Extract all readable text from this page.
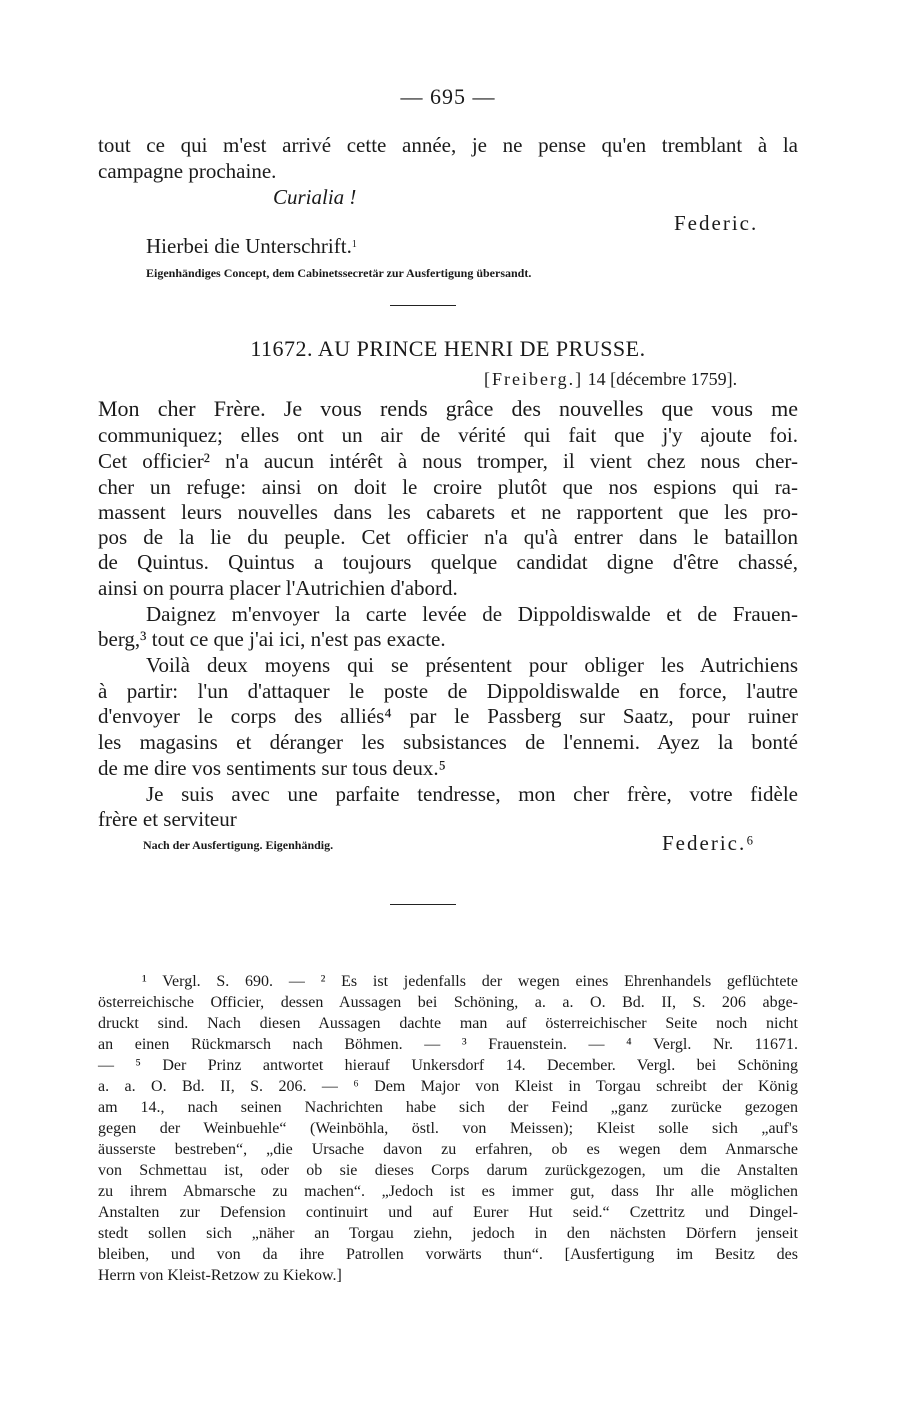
— 695 —
tout ce qui m'est arrivé cette année, je ne pense qu'en tremblant à la
campagne prochaine.
Curialia !
Federic.
Hierbei die Unterschrift.$^1$
Eigenhändiges Concept, dem Cabinetssecretär zur Ausfertigung übersandt.
11672. AU PRINCE HENRI DE PRUSSE.
[Freiberg.] 14 [décembre 1759].
Mon cher Frère. Je vous rends grâce des nouvelles que vous me
communiquez; elles ont un air de vérité qui fait que j'y ajoute foi.
Cet officier² n'a aucun intérêt à nous tromper, il vient chez nous cher-
cher un refuge: ainsi on doit le croire plutôt que nos espions qui ra-
massent leurs nouvelles dans les cabarets et ne rapportent que les pro-
pos de la lie du peuple. Cet officier n'a qu'à entrer dans le bataillon
de Quintus. Quintus a toujours quelque candidat digne d'être chassé,
ainsi on pourra placer l'Autrichien d'abord.
Daignez m'envoyer la carte levée de Dippoldiswalde et de Frauen-
berg,³ tout ce que j'ai ici, n'est pas exacte.
Voilà deux moyens qui se présentent pour obliger les Autrichiens
à partir: l'un d'attaquer le poste de Dippoldiswalde en force, l'autre
d'envoyer le corps des alliés⁴ par le Passberg sur Saatz, pour ruiner
les magasins et déranger les subsistances de l'ennemi. Ayez la bonté
de me dire vos sentiments sur tous deux.⁵
Je suis avec une parfaite tendresse, mon cher frère, votre fidèle
frère et serviteur
Nach der Ausfertigung. Eigenhändig.	Federic.⁶
¹ Vergl. S. 690. — ² Es ist jedenfalls der wegen eines Ehrenhandels geflüchtete
österreichische Officier, dessen Aussagen bei Schöning, a. a. O. Bd. II, S. 206 abge-
druckt sind. Nach diesen Aussagen dachte man auf österreichischer Seite noch nicht
an einen Rückmarsch nach Böhmen. — ³ Frauenstein. — ⁴ Vergl. Nr. 11671.
— ⁵ Der Prinz antwortet hierauf Unkersdorf 14. December. Vergl. bei Schöning
a. a. O. Bd. II, S. 206. — ⁶ Dem Major von Kleist in Torgau schreibt der König
am 14., nach seinen Nachrichten habe sich der Feind „ganz zurücke gezogen
gegen der Weinbuehle“ (Weinböhla, östl. von Meissen); Kleist solle sich „auf's
äusserste bestreben“, „die Ursache davon zu erfahren, ob es wegen dem Anmarsche
von Schmettau ist, oder ob sie dieses Corps darum zurückgezogen, um die Anstalten
zu ihrem Abmarsche zu machen“. „Jedoch ist es immer gut, dass Ihr alle möglichen
Anstalten zur Defension continuirt und auf Eurer Hut seid.“ Czettritz und Dingel-
stedt sollen sich „näher an Torgau ziehn, jedoch in den nächsten Dörfern jenseit
bleiben, und von da ihre Patrollen vorwärts thun“. [Ausfertigung im Besitz des
Herrn von Kleist-Retzow zu Kiekow.]
